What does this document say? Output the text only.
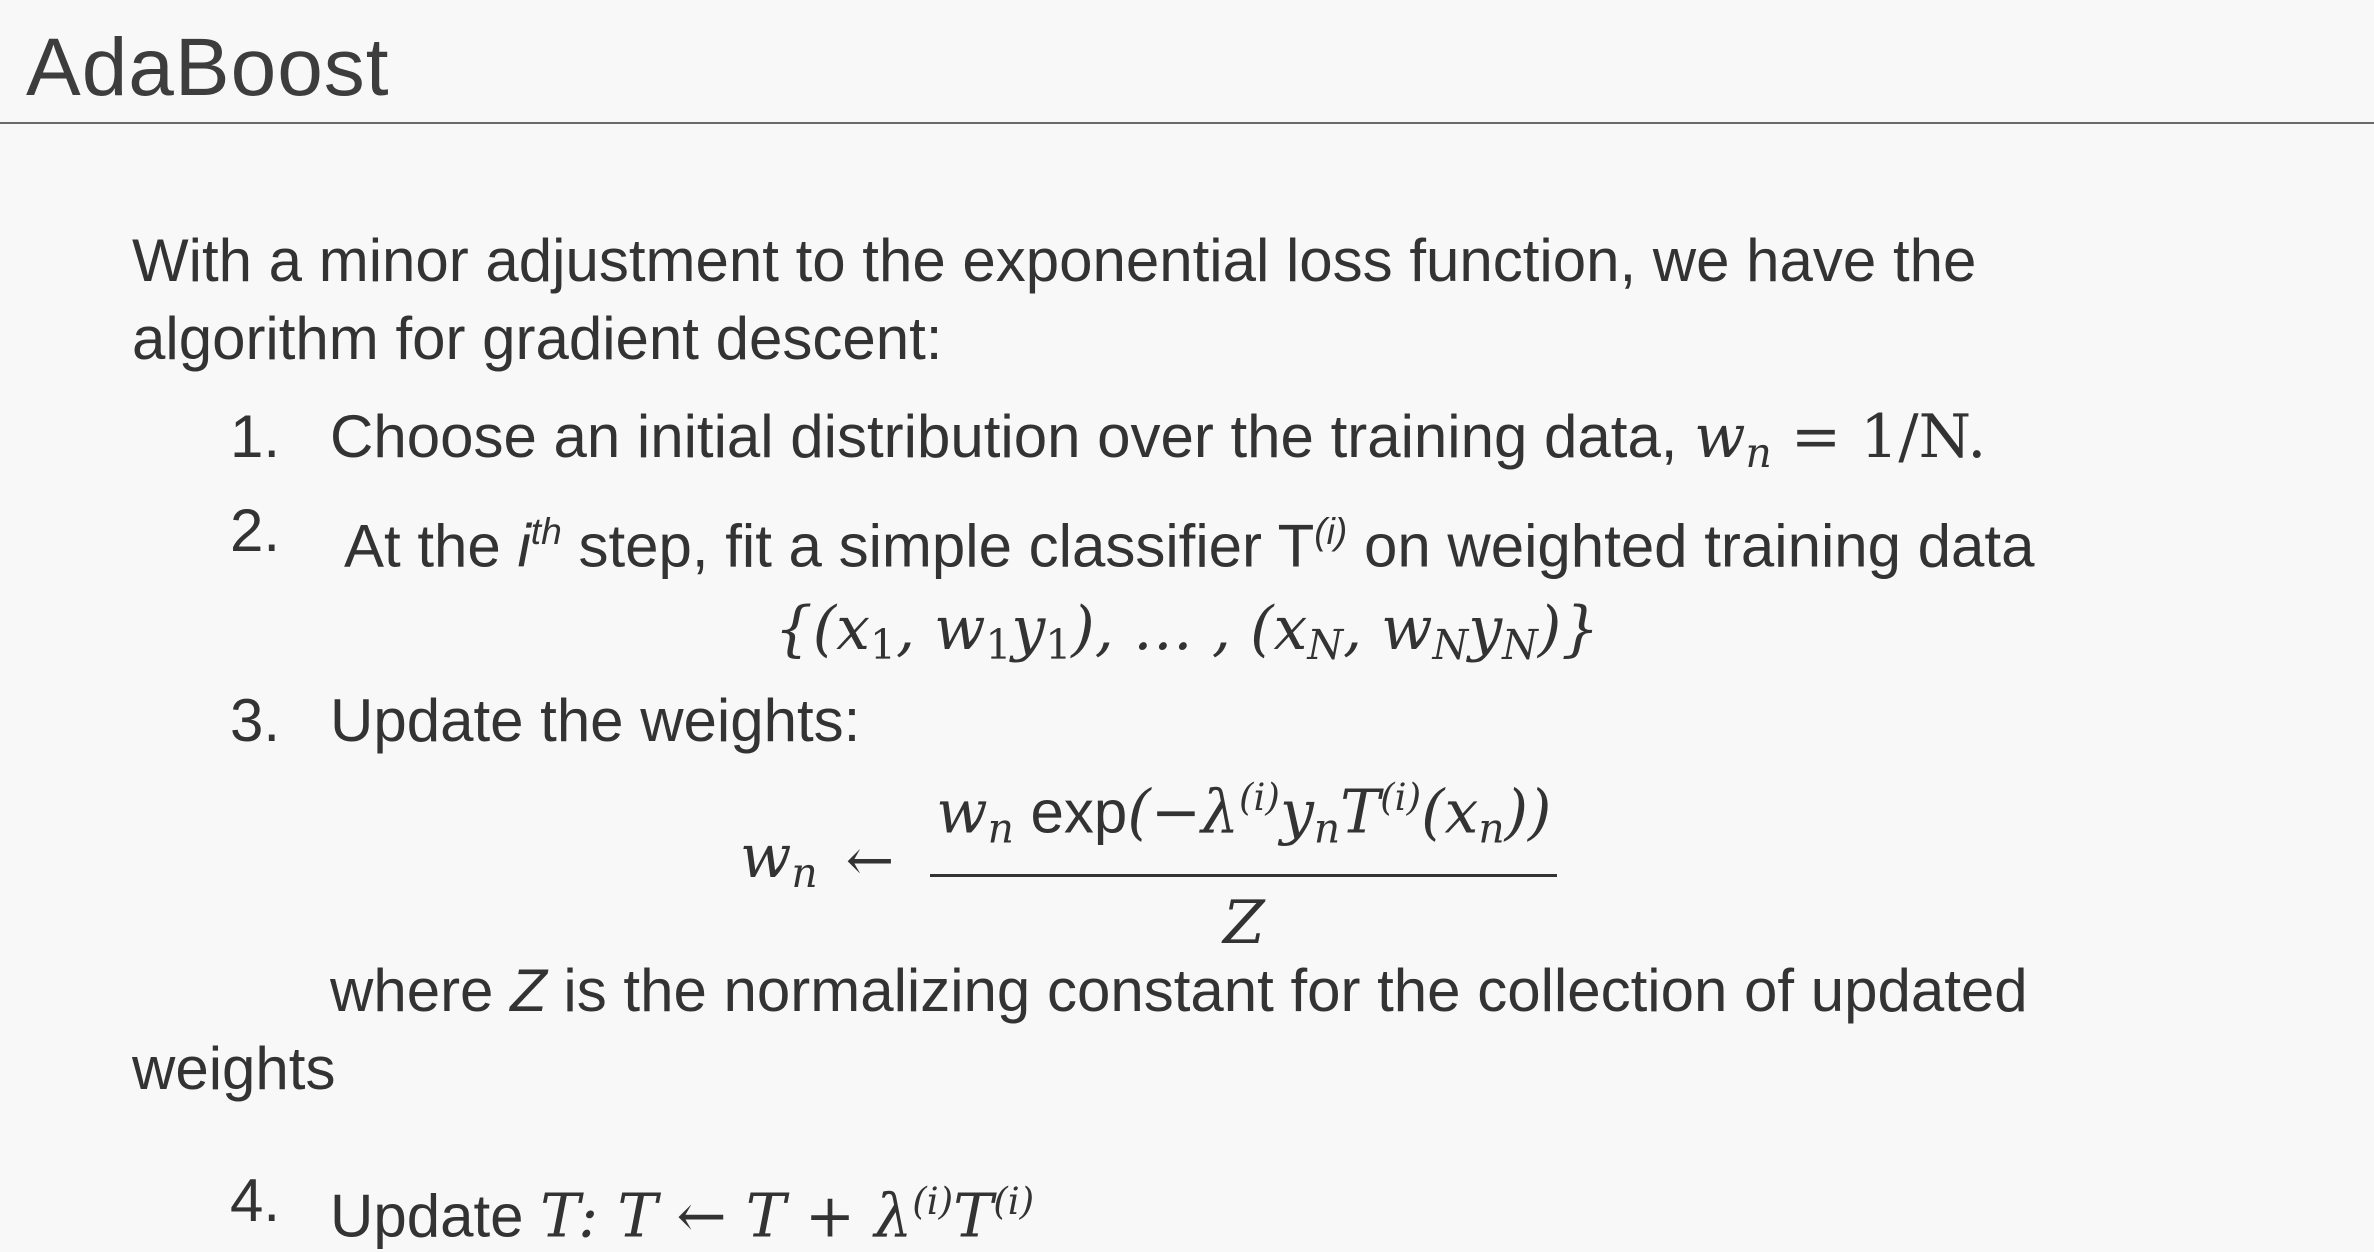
AdaBoost
With a minor adjustment to the exponential loss function, we have the
algorithm for gradient descent:
1. Choose an initial distribution over the training data, $w_n = 1/N$.
2. At the $i^{th}$ step, fit a simple classifier $T^{(i)}$ on weighted training data
{($x_1$, $w_1y_1$), … , ($x_N$, $w_Ny_N$)}
3. Update the weights:
$w_n$ ← $\frac{w_n \exp(-\lambda^{(i)}y_nT^{(i)}(x_n))}{Z}$
where Z is the normalizing constant for the collection of updated
weights
4. Update T: T ← $T + \lambda^{(i)}T^{(i)}$
